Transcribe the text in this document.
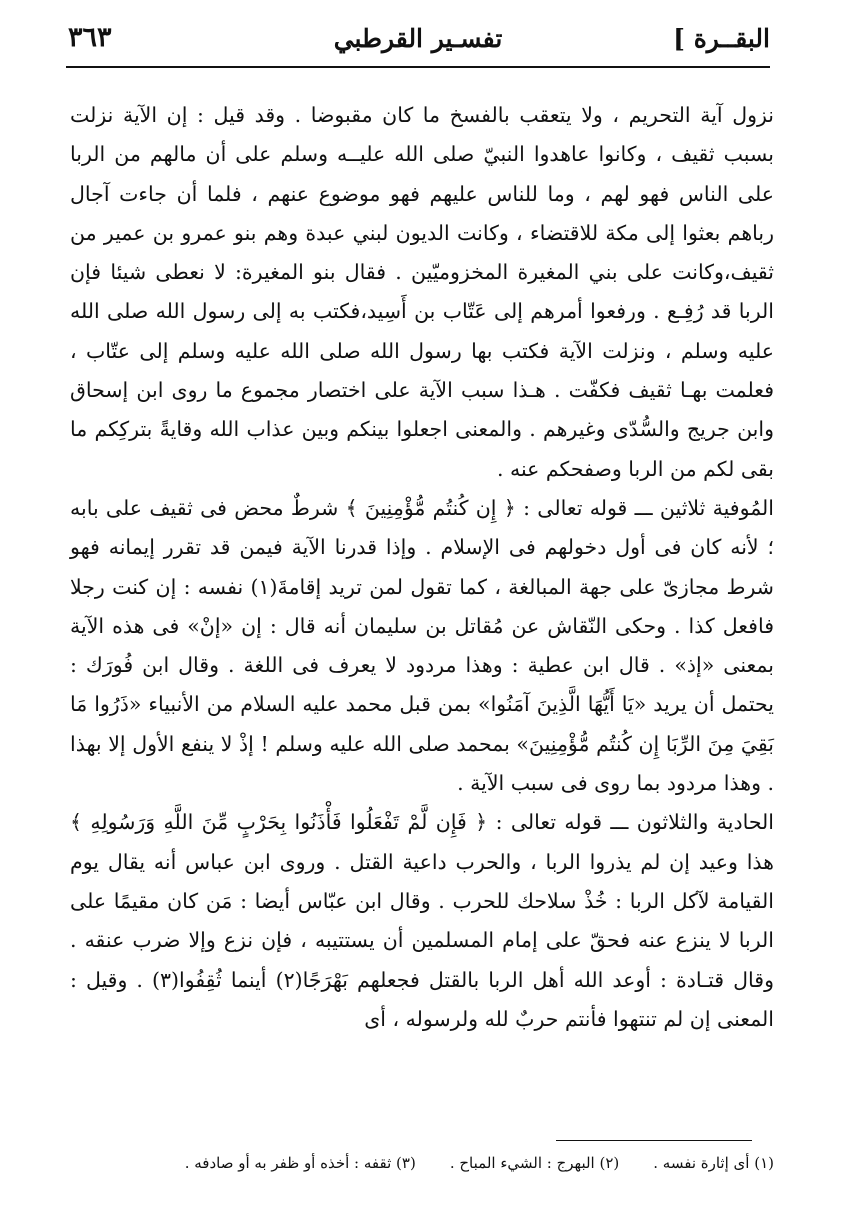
البقــرة ]
تفسـير القرطبي
٣٦٣

نزول آية التحريم ، ولا يتعقب بالفسخ ما كان مقبوضا . وقد قيل : إن الآية نزلت بسبب ثقيف ، وكانوا عاهدوا النبيّ صلى الله عليــه وسلم على أن مالهم من الربا على الناس فهو لهم ، وما للناس عليهم فهو موضوع عنهم ، فلما أن جاءت آجال رباهم بعثوا إلى مكة للاقتضاء ، وكانت الديون لبني عبدة وهم بنو عمرو بن عمير من ثقيف،وكانت على بني المغيرة المخزوميّين . فقال بنو المغيرة: لا نعطى شيئا فإن الربا قد رُفِـع . ورفعوا أمرهم إلى عَتّاب بن أَسِيد،فكتب به إلى رسول الله صلى الله عليه وسلم ، ونزلت الآية فكتب بها رسول الله صلى الله عليه وسلم إلى عتّاب ، فعلمت بهـا ثقيف فكفّت . هـذا سبب الآية على اختصار مجموع ما روى ابن إسحاق وابن جريج والسُّدّى وغيرهم . والمعنى اجعلوا بينكم وبين عذاب الله وقايةً بتركِكم ما بقى لكم من الربا وصفحكم عنه .

المُوفية ثلاثين ـــ قوله تعالى : ﴿ إِن كُنتُم مُّؤْمِنِينَ ﴾ شرطٌ محض فى ثقيف على بابه ؛ لأنه كان فى أول دخولهم فى الإسلام . وإذا قدرنا الآية فيمن قد تقرر إيمانه فهو شرط مجازىّ على جهة المبالغة ، كما تقول لمن تريد إقامةَ(١) نفسه : إن كنت رجلا فافعل كذا . وحكى النّقاش عن مُقاتل بن سليمان أنه قال : إن «إنْ» فى هذه الآية بمعنى «إذ» . قال ابن عطية : وهذا مردود لا يعرف فى اللغة . وقال ابن فُورَك : يحتمل أن يريد «يَا أَيُّهَا الَّذِينَ آمَنُوا» بمن قبل محمد عليه السلام من الأنبياء «ذَرُوا مَا بَقِيَ مِنَ الرِّبَا إِن كُنتُم مُّؤْمِنِينَ» بمحمد صلى الله عليه وسلم ! إذْ لا ينفع الأول إلا بهذا . وهذا مردود بما روى فى سبب الآية .

الحادية والثلاثون ـــ قوله تعالى : ﴿ فَإِن لَّمْ تَفْعَلُوا فَأْذَنُوا بِحَرْبٍ مِّنَ اللَّهِ وَرَسُولِهِ ﴾ هذا وعيد إن لم يذروا الربا ، والحرب داعية القتل . وروى ابن عباس أنه يقال يوم القيامة لآكل الربا : خُذْ سلاحك للحرب . وقال ابن عبّاس أيضا : مَن كان مقيمًا على الربا لا ينزع عنه فحقّ على إمام المسلمين أن يستتيبه ، فإن نزع وإلا ضرب عنقه . وقال قتـادة : أوعد الله أهل الربا بالقتل فجعلهم بَهْرَجًا(٢) أينما ثُقِفُوا(٣) . وقيل : المعنى إن لم تنتهوا فأنتم حربٌ لله ولرسوله ، أى

(١) أى إثارة نفسه .
(٢) البهرج : الشيء المباح .
(٣) ثقفه : أخذه أو ظفر به أو صادفه .
